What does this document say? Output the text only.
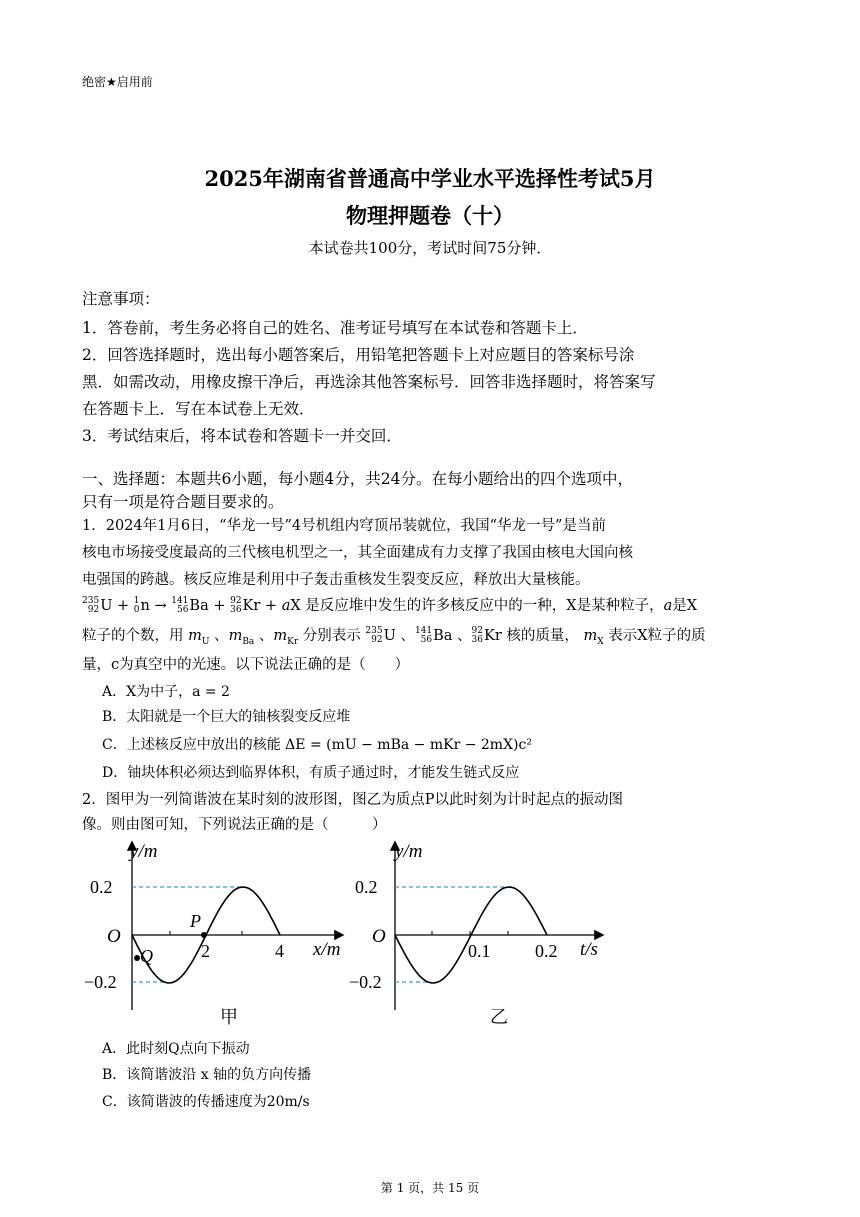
绝密★启用前
2025年湖南省普通高中学业水平选择性考试5月
物理押题卷（十）
本试卷共100分，考试时间75分钟．
注意事项：
1．答卷前，考生务必将自己的姓名、准考证号填写在本试卷和答题卡上．
2．回答选择题时，选出每小题答案后，用铅笔把答题卡上对应题目的答案标号涂
黑．如需改动，用橡皮擦干净后，再选涂其他答案标号．回答非选择题时，将答案写
在答题卡上．写在本试卷上无效．
3．考试结束后，将本试卷和答题卡一并交回．
一、选择题：本题共6小题，每小题4分，共24分。在每小题给出的四个选项中，
只有一项是符合题目要求的。
1．2024年1月6日，“华龙一号”4号机组内穹顶吊装就位，我国“华龙一号”是当前
核电市场接受度最高的三代核电机型之一，其全面建成有力支撑了我国由核电大国向核
电强国的跨越。核反应堆是利用中子轰击重核发生裂变反应，释放出大量核能。
235
92 U + 1
0 n → 141
56 Ba + 92
36 Kr + aX 是反应堆中发生的许多核反应中的一种，X是某种粒子，a是X
粒子的个数，用 $m_U$ 、$m_{Ba}$ 、$m_{Kr}$ 分别表示 235
92 U 、 141
56 Ba 、 92
36 Kr 核的质量， $m_X$ 表示X粒子的质
量，c为真空中的光速。以下说法正确的是（　　）
A．X为中子，a = 2
B．太阳就是一个巨大的铀核裂变反应堆
C．上述核反应中放出的核能 ΔE = (mU − mBa − mKr − 2mX)c²
D．铀块体积必须达到临界体积，有质子通过时，才能发生链式反应
2．图甲为一列简谐波在某时刻的波形图，图乙为质点P以此时刻为计时起点的振动图
像。则由图可知，下列说法正确的是（　　　）
y/m
x/m
O
0.2
−0.2
2	4
P
Q
甲
y/m
t/s
O
0.2
−0.2
0.1 0.2
乙
A．此时刻Q点向下振动
B．该简谐波沿 x 轴的负方向传播
C．该简谐波的传播速度为20m/s
第 1 页，共 15 页
